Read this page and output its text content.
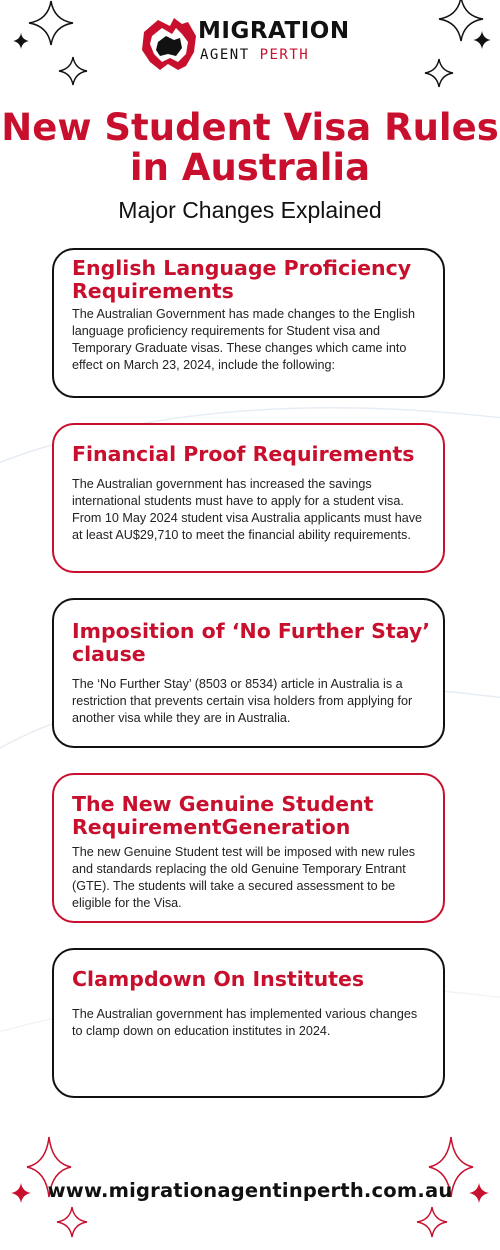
MIGRATION
AGENT PERTH
New Student Visa Rules
in Australia
Major Changes Explained
English Language Proficiency
Requirements

The Australian Government has made changes to the English language proficiency requirements for Student visa and Temporary Graduate visas. These changes which came into effect on March 23, 2024, include the following:

Financial Proof Requirements

The Australian government has increased the savings international students must have to apply for a student visa. From 10 May 2024 student visa Australia applicants must have at least AU$29,710 to meet the financial ability requirements.

Imposition of ‘No Further Stay’
clause

The ‘No Further Stay’ (8503 or 8534) article in Australia is a restriction that prevents certain visa holders from applying for another visa while they are in Australia.

The New Genuine Student
RequirementGeneration

The new Genuine Student test will be imposed with new rules and standards replacing the old Genuine Temporary Entrant (GTE). The students will take a secured assessment to be eligible for the Visa.

Clampdown On Institutes

The Australian government has implemented various changes to clamp down on education institutes in 2024.

www.migrationagentinperth.com.au
